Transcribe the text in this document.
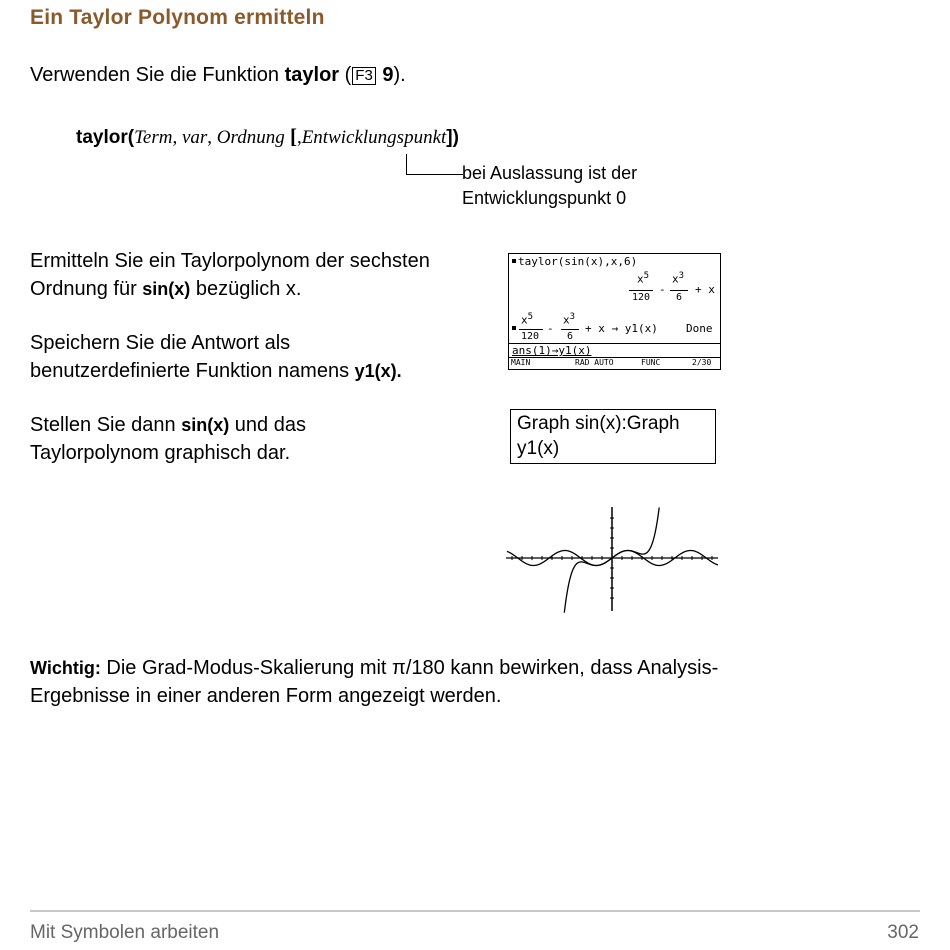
Ein Taylor Polynom ermitteln
Verwenden Sie die Funktion taylor ( F3 9).
taylor(Term, var, Ordnung [,Entwicklungspunkt])
bei Auslassung ist der
Entwicklungspunkt 0
Ermitteln Sie ein Taylorpolynom der sechsten
Ordnung für sin(x) bezüglich x.
Speichern Sie die Antwort als
benutzerdefinierte Funktion namens y1(x).
Stellen Sie dann sin(x) und das
Taylorpolynom graphisch dar.
taylor(sin(x),x,6)
$x^5$
120
-
$x^3$
6
+ x
$x^5$
120
-
$x^3$
6
+ x → y1(x)	Done
ans(1)→y1(x)
MAIN	RAD AUTO	FUNC	2/30
Graph sin(x):Graph
y1(x)
Wichtig: Die Grad-Modus-Skalierung mit π/180 kann bewirken, dass Analysis-
Ergebnisse in einer anderen Form angezeigt werden.
Mit Symbolen arbeiten	302
